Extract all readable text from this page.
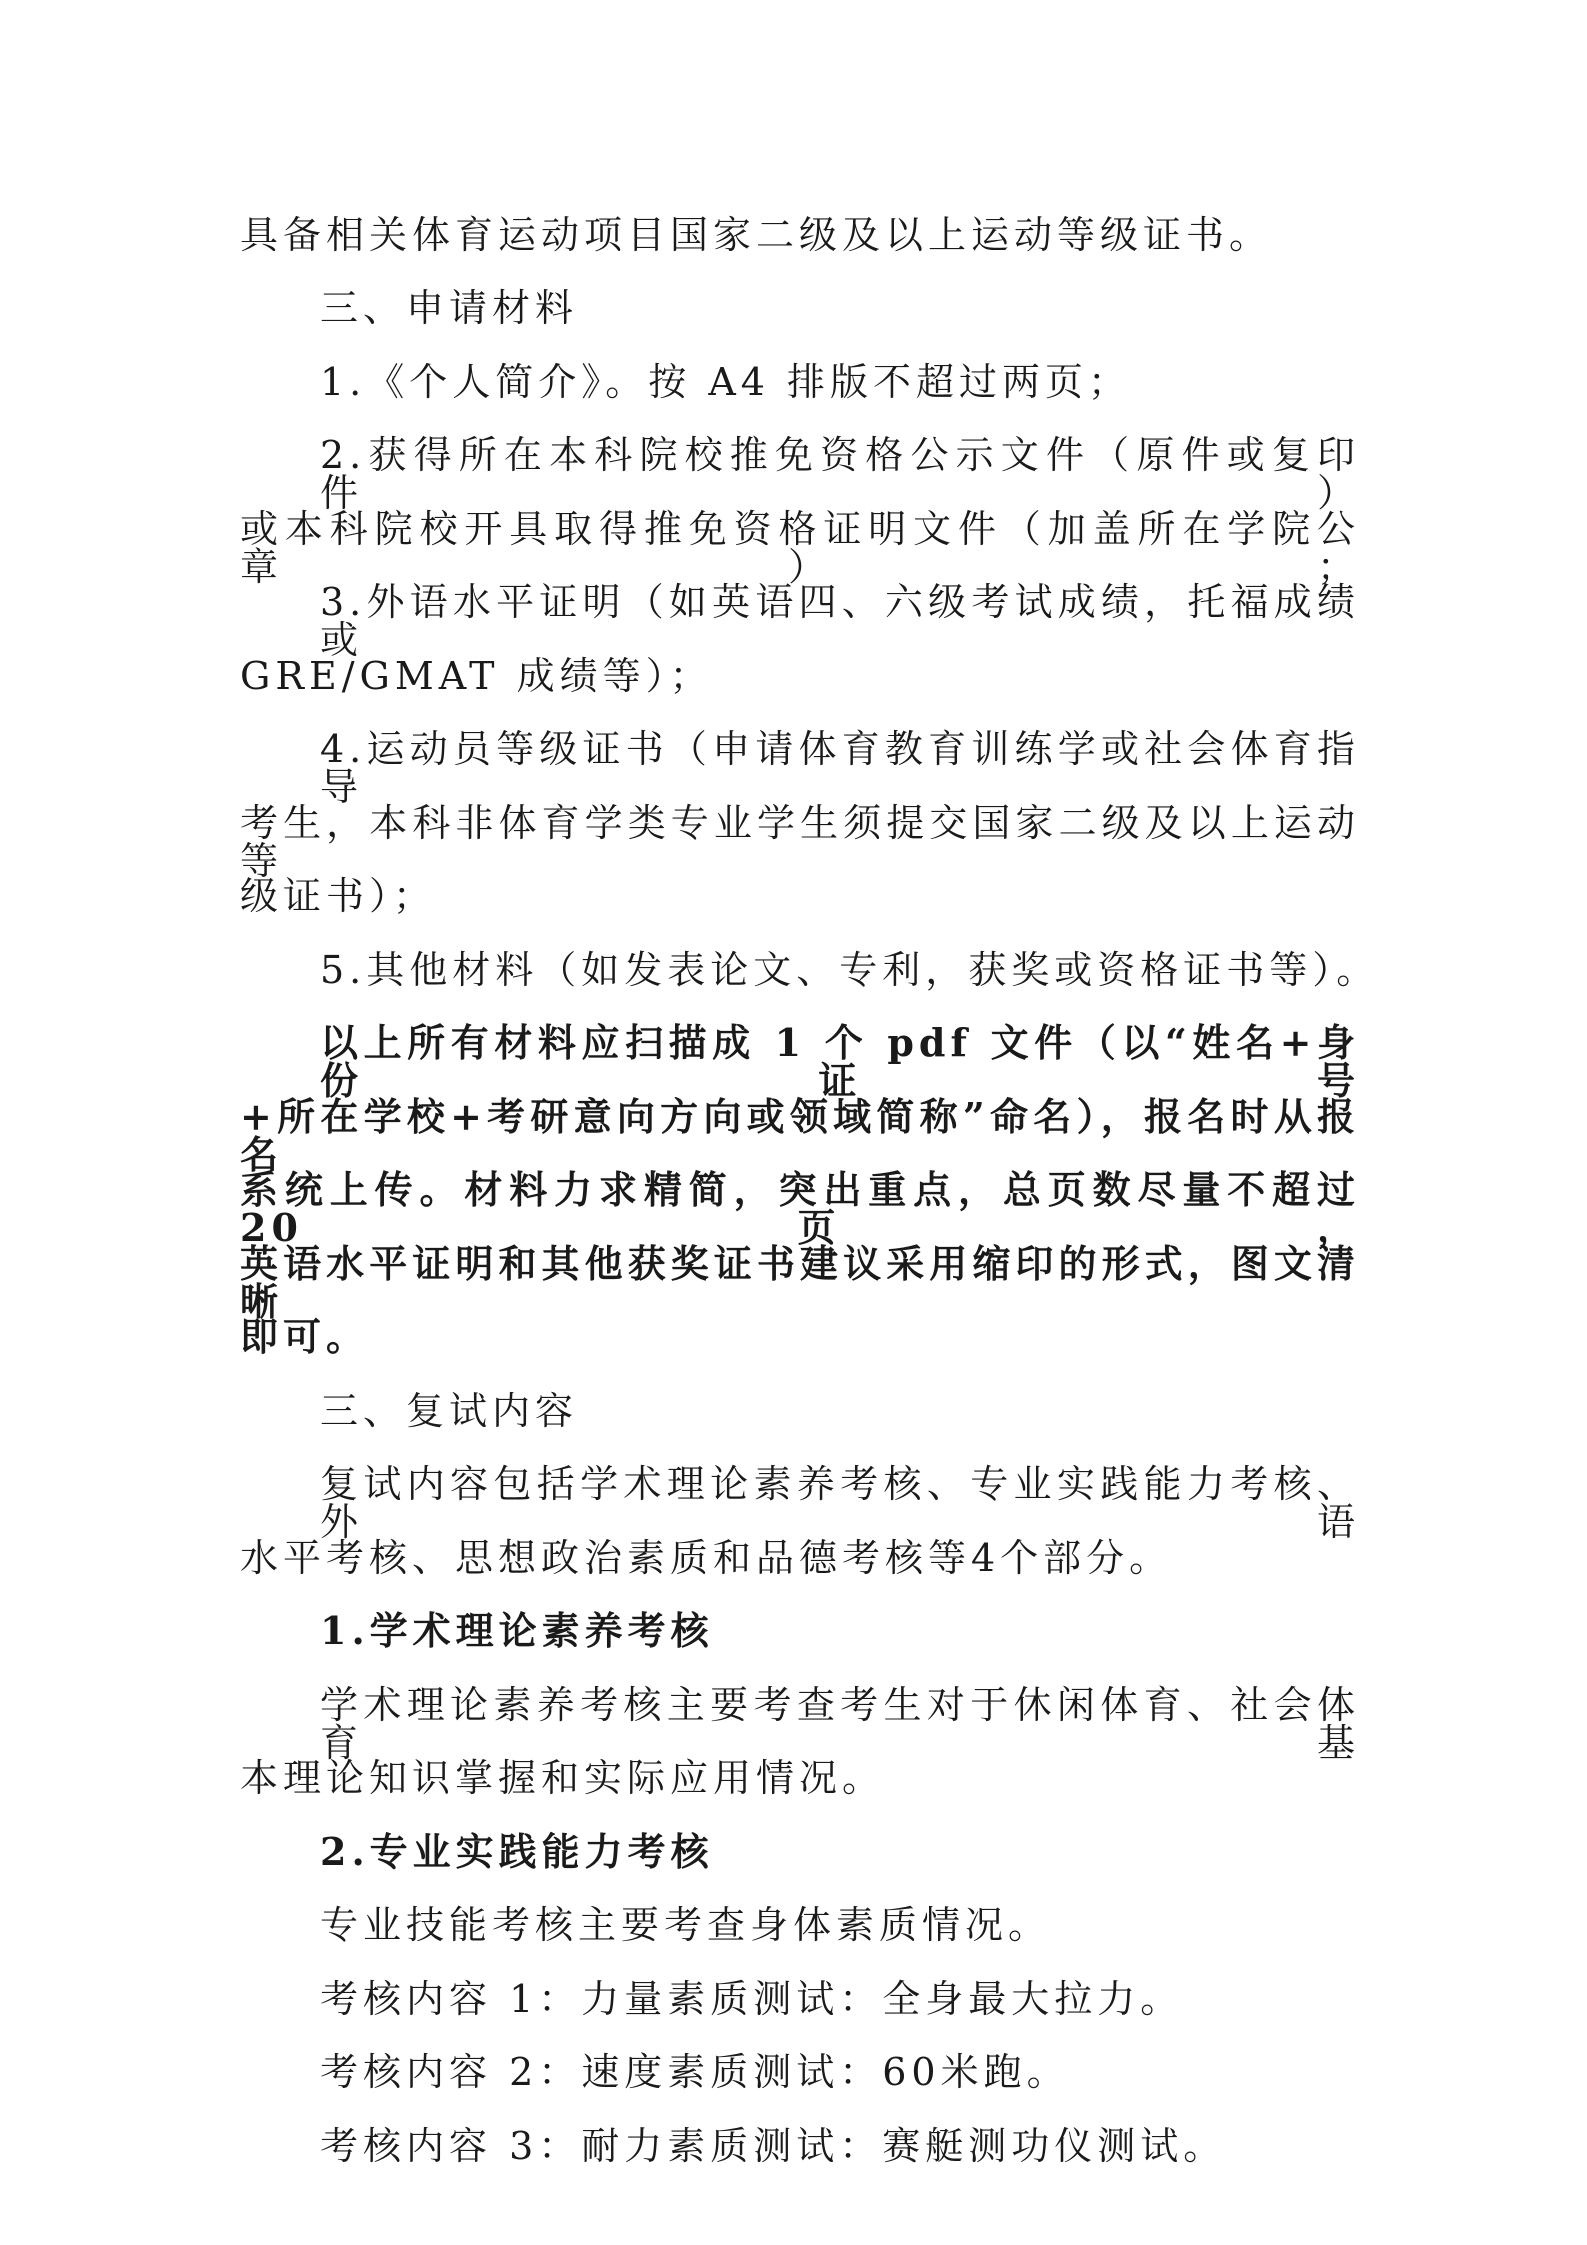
具备相关体育运动项目国家二级及以上运动等级证书。
三、申请材料
1.《个人简介》。按 A4 排版不超过两页；
2.获得所在本科院校推免资格公示文件（原件或复印件）
或本科院校开具取得推免资格证明文件（加盖所在学院公章）；
3.外语水平证明（如英语四、六级考试成绩，托福成绩或
GRE/GMAT 成绩等）；
4.运动员等级证书（申请体育教育训练学或社会体育指导
考生，本科非体育学类专业学生须提交国家二级及以上运动等
级证书）；
5.其他材料（如发表论文、专利，获奖或资格证书等）。
以上所有材料应扫描成 1 个 pdf 文件（以“姓名+身份证号
+所在学校+考研意向方向或领域简称”命名），报名时从报名
系统上传。材料力求精简，突出重点，总页数尽量不超过 20 页，
英语水平证明和其他获奖证书建议采用缩印的形式，图文清晰
即可。
三、复试内容
复试内容包括学术理论素养考核、专业实践能力考核、外语
水平考核、思想政治素质和品德考核等4个部分。
1.学术理论素养考核
学术理论素养考核主要考查考生对于休闲体育、社会体育基
本理论知识掌握和实际应用情况。
2.专业实践能力考核
专业技能考核主要考查身体素质情况。
考核内容 1：力量素质测试：全身最大拉力。
考核内容 2：速度素质测试：60米跑。
考核内容 3：耐力素质测试：赛艇测功仪测试。
